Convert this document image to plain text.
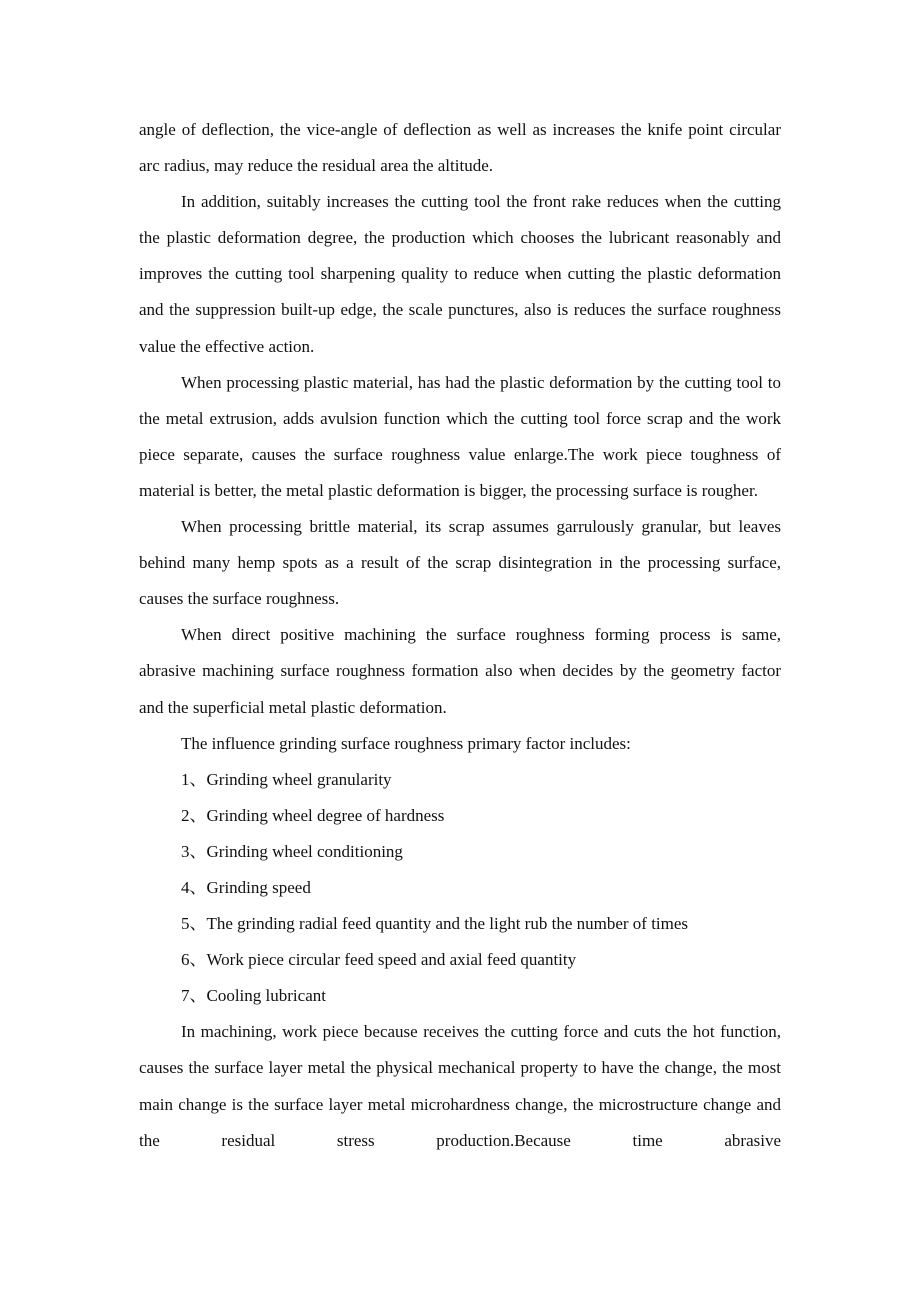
angle of deflection, the vice-angle of deflection as well as increases the knife point circular arc radius, may reduce the residual area the altitude.

In addition, suitably increases the cutting tool the front rake reduces when the cutting the plastic deformation degree, the production which chooses the lubricant reasonably and improves the cutting tool sharpening quality to reduce when cutting the plastic deformation and the suppression built-up edge, the scale punctures, also is reduces the surface roughness value the effective action.

When processing plastic material, has had the plastic deformation by the cutting tool to the metal extrusion, adds avulsion function which the cutting tool force scrap and the work piece separate, causes the surface roughness value enlarge.The work piece toughness of material is better, the metal plastic deformation is bigger, the processing surface is rougher.

When processing brittle material, its scrap assumes garrulously granular, but leaves behind many hemp spots as a result of the scrap disintegration in the processing surface, causes the surface roughness.

When direct positive machining the surface roughness forming process is same, abrasive machining surface roughness formation also when decides by the geometry factor and the superficial metal plastic deformation.

The influence grinding surface roughness primary factor includes:

1、Grinding wheel granularity

2、Grinding wheel degree of hardness

3、Grinding wheel conditioning

4、Grinding speed

5、The grinding radial feed quantity and the light rub the number of times

6、Work piece circular feed speed and axial feed quantity

7、Cooling lubricant

In machining, work piece because receives the cutting force and cuts the hot function, causes the surface layer metal the physical mechanical property to have the change, the most main change is the surface layer metal microhardness change, the microstructure change and the residual stress production.Because time abrasive
